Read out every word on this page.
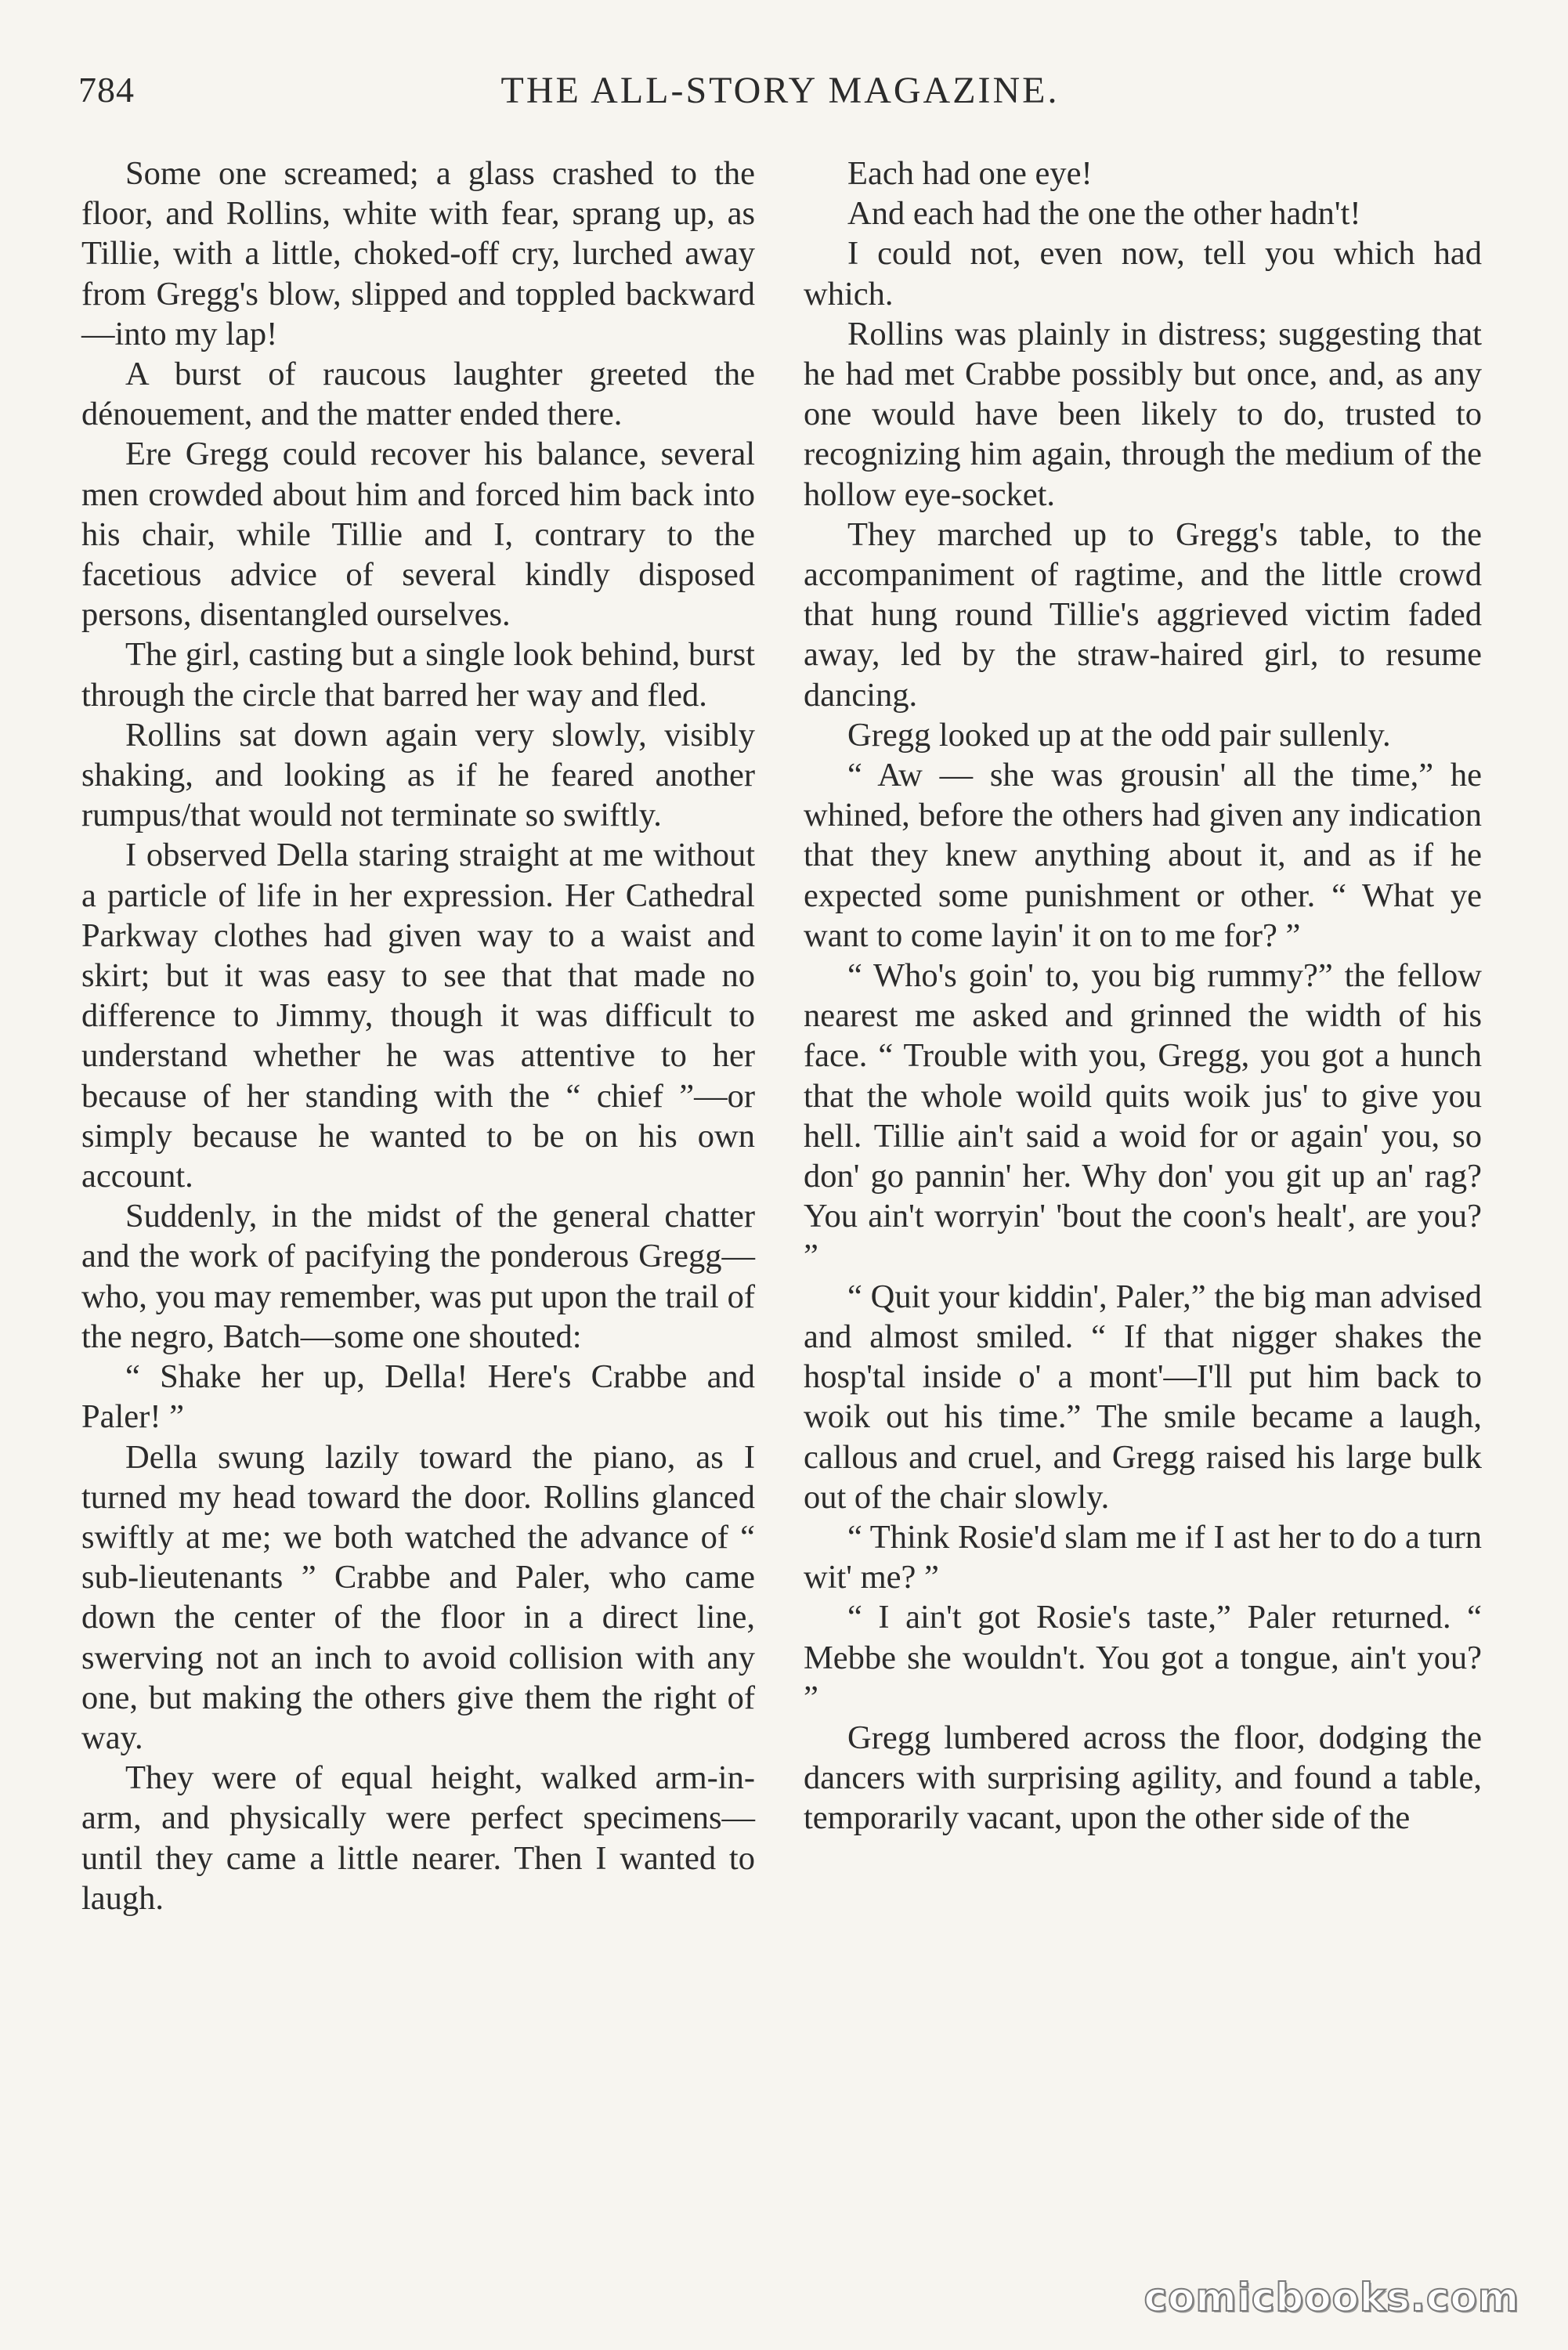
784	THE ALL-STORY MAGAZINE.

Some one screamed; a glass crashed to the floor, and Rollins, white with fear, sprang up, as Tillie, with a little, choked-off cry, lurched away from Gregg's blow, slipped and toppled backward—into my lap!

A burst of raucous laughter greeted the dénouement, and the matter ended there.

Ere Gregg could recover his balance, several men crowded about him and forced him back into his chair, while Tillie and I, contrary to the facetious advice of several kindly disposed persons, disentangled ourselves.

The girl, casting but a single look behind, burst through the circle that barred her way and fled.

Rollins sat down again very slowly, visibly shaking, and looking as if he feared another rumpus/that would not terminate so swiftly.

I observed Della staring straight at me without a particle of life in her expression. Her Cathedral Parkway clothes had given way to a waist and skirt; but it was easy to see that that made no difference to Jimmy, though it was difficult to understand whether he was attentive to her because of her standing with the “ chief ”—or simply because he wanted to be on his own account.

Suddenly, in the midst of the general chatter and the work of pacifying the ponderous Gregg—who, you may remember, was put upon the trail of the negro, Batch—some one shouted:

“ Shake her up, Della! Here's Crabbe and Paler! ”

Della swung lazily toward the piano, as I turned my head toward the door. Rollins glanced swiftly at me; we both watched the advance of “ sub-lieutenants ” Crabbe and Paler, who came down the center of the floor in a direct line, swerving not an inch to avoid collision with any one, but making the others give them the right of way.

They were of equal height, walked arm-in-arm, and physically were perfect specimens—until they came a little nearer. Then I wanted to laugh.

Each had one eye!

And each had the one the other hadn't!

I could not, even now, tell you which had which.

Rollins was plainly in distress; suggesting that he had met Crabbe possibly but once, and, as any one would have been likely to do, trusted to recognizing him again, through the medium of the hollow eye-socket.

They marched up to Gregg's table, to the accompaniment of ragtime, and the little crowd that hung round Tillie's aggrieved victim faded away, led by the straw-haired girl, to resume dancing.

Gregg looked up at the odd pair sullenly.

“ Aw — she was grousin' all the time,” he whined, before the others had given any indication that they knew anything about it, and as if he expected some punishment or other. “ What ye want to come layin' it on to me for? ”

“ Who's goin' to, you big rummy?” the fellow nearest me asked and grinned the width of his face. “ Trouble with you, Gregg, you got a hunch that the whole woild quits woik jus' to give you hell. Tillie ain't said a woid for or again' you, so don' go pannin' her. Why don' you git up an' rag? You ain't worryin' 'bout the coon's healt', are you? ”

“ Quit your kiddin', Paler,” the big man advised and almost smiled. “ If that nigger shakes the hosp'tal inside o' a mont'—I'll put him back to woik out his time.” The smile became a laugh, callous and cruel, and Gregg raised his large bulk out of the chair slowly.

“ Think Rosie'd slam me if I ast her to do a turn wit' me? ”

“ I ain't got Rosie's taste,” Paler returned. “ Mebbe she wouldn't. You got a tongue, ain't you? ”

Gregg lumbered across the floor, dodging the dancers with surprising agility, and found a table, temporarily vacant, upon the other side of the

comicbooks.com
